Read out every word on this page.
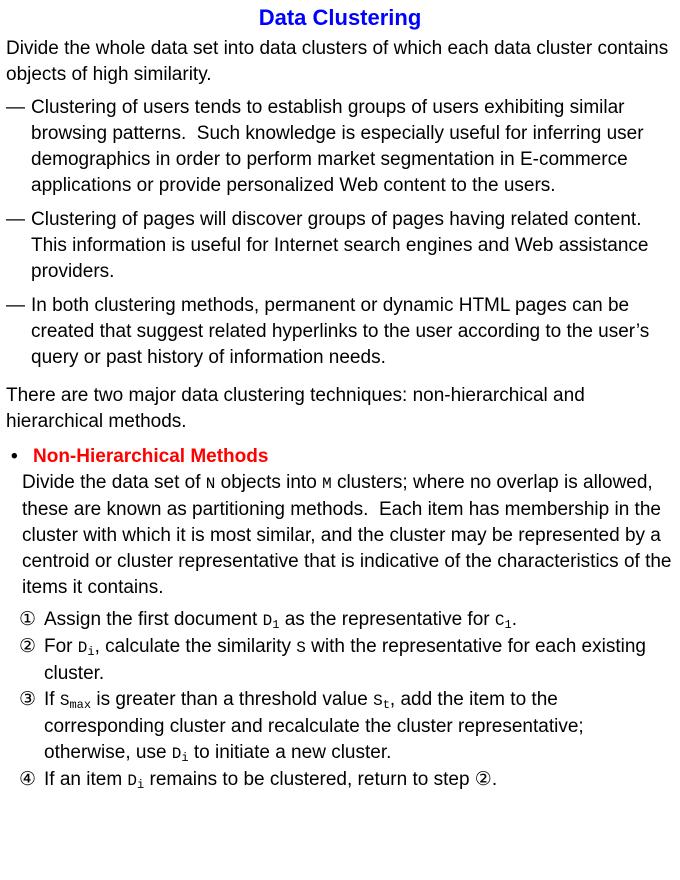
Data Clustering

Divide the whole data set into data clusters of which each data cluster contains objects of high similarity.

— Clustering of users tends to establish groups of users exhibiting similar browsing patterns.  Such knowledge is especially useful for inferring user demographics in order to perform market segmentation in E-commerce applications or provide personalized Web content to the users.
— Clustering of pages will discover groups of pages having related content.  This information is useful for Internet search engines and Web assistance providers.
— In both clustering methods, permanent or dynamic HTML pages can be created that suggest related hyperlinks to the user according to the user’s query or past history of information needs.

There are two major data clustering techniques: non-hierarchical and hierarchical methods.

• Non-Hierarchical Methods

Divide the data set of N objects into M clusters; where no overlap is allowed, these are known as partitioning methods.  Each item has membership in the cluster with which it is most similar, and the cluster may be represented by a centroid or cluster representative that is indicative of the characteristics of the items it contains.

① Assign the first document $D_1$ as the representative for $C_1$.
② For $D_i$, calculate the similarity S with the representative for each existing cluster.
③ If $S_{max}$ is greater than a threshold value $S_t$, add the item to the corresponding cluster and recalculate the cluster representative; otherwise, use $D_i$ to initiate a new cluster.
④ If an item $D_i$ remains to be clustered, return to step ②.
